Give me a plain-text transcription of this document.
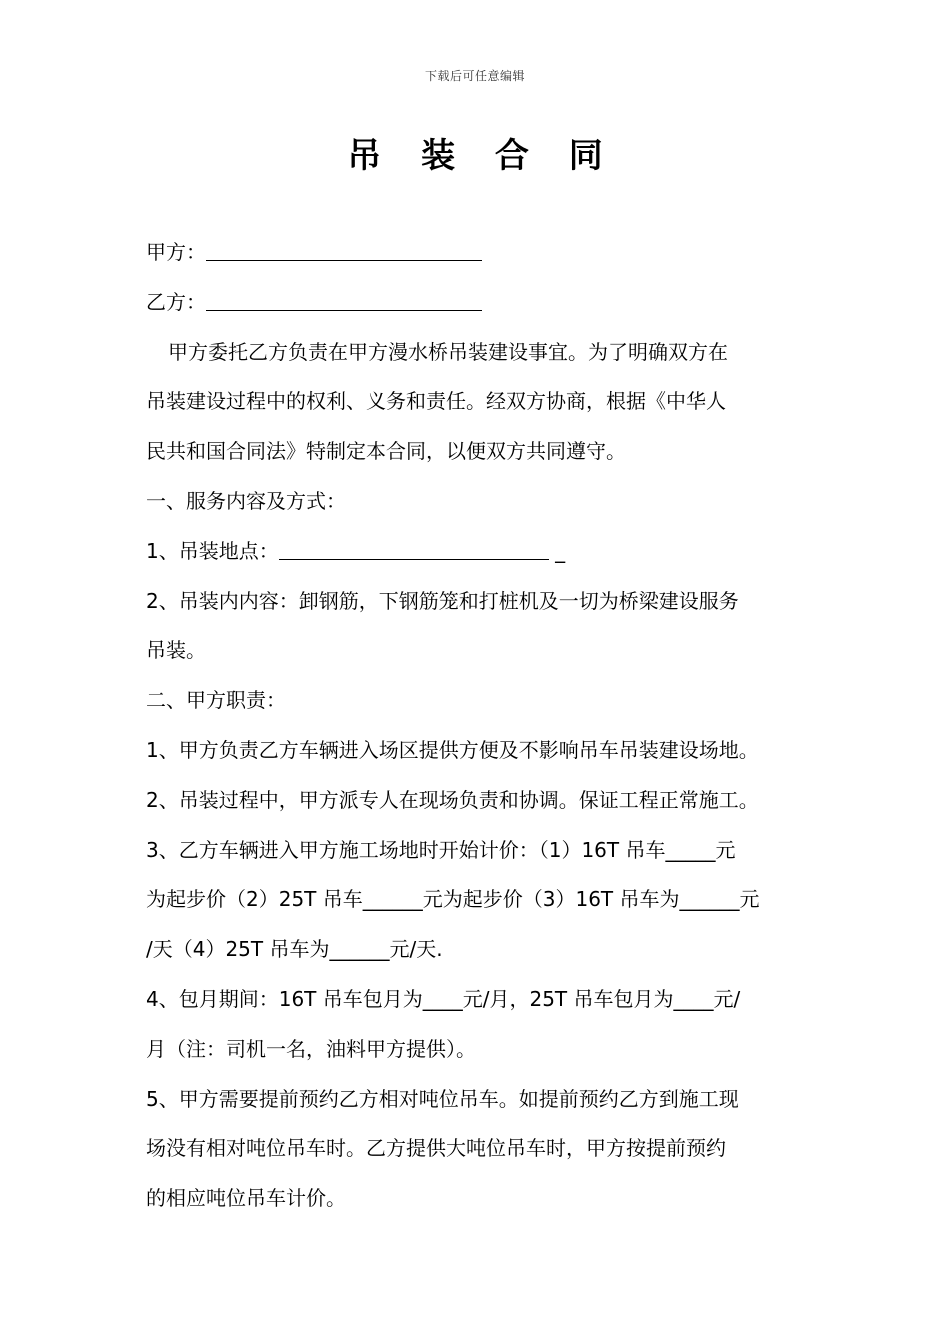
下载后可任意编辑
吊 装 合 同
甲方：
乙方：
甲方委托乙方负责在甲方漫水桥吊装建设事宜。为了明确双方在
吊装建设过程中的权利、义务和责任。经双方协商，根据《中华人
民共和国合同法》特制定本合同，以便双方共同遵守。
一、服务内容及方式：
1、吊装地点：	_
2、吊装内内容：卸钢筋，下钢筋笼和打桩机及一切为桥梁建设服务
吊装。
二、甲方职责：
1、甲方负责乙方车辆进入场区提供方便及不影响吊车吊装建设场地。
2、吊装过程中，甲方派专人在现场负责和协调。保证工程正常施工。
3、乙方车辆进入甲方施工场地时开始计价：（1）16T 吊车_____元
为起步价（2）25T 吊车______元为起步价（3）16T 吊车为______元
/天（4）25T 吊车为______元/天.
4、包月期间：16T 吊车包月为____元/月，25T 吊车包月为____元/
月（注：司机一名，油料甲方提供）。
5、甲方需要提前预约乙方相对吨位吊车。如提前预约乙方到施工现
场没有相对吨位吊车时。乙方提供大吨位吊车时，甲方按提前预约
的相应吨位吊车计价。
